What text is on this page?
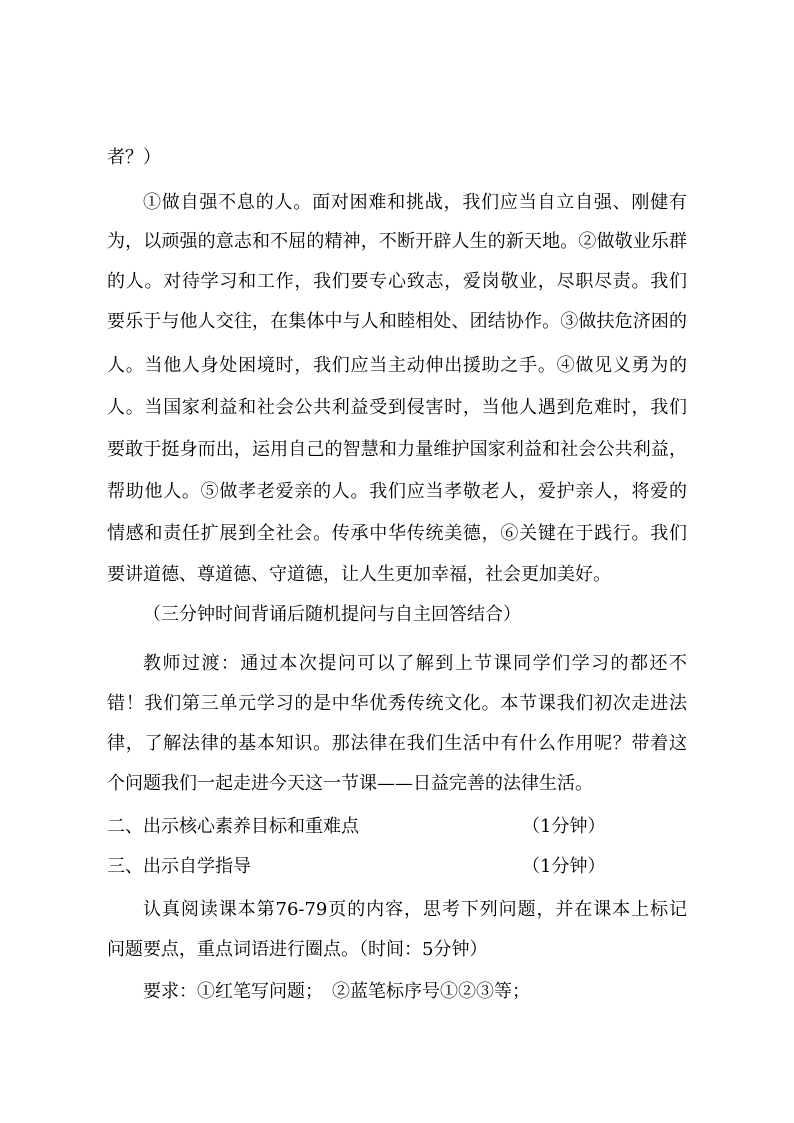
者？）
①做自强不息的人。面对困难和挑战，我们应当自立自强、刚健有
为，以顽强的意志和不屈的精神，不断开辟人生的新天地。②做敬业乐群
的人。对待学习和工作，我们要专心致志，爱岗敬业，尽职尽责。我们
要乐于与他人交往，在集体中与人和睦相处、团结协作。③做扶危济困的
人。当他人身处困境时，我们应当主动伸出援助之手。④做见义勇为的
人。当国家利益和社会公共利益受到侵害时，当他人遇到危难时，我们
要敢于挺身而出，运用自己的智慧和力量维护国家利益和社会公共利益，
帮助他人。⑤做孝老爱亲的人。我们应当孝敬老人，爱护亲人，将爱的
情感和责任扩展到全社会。传承中华传统美德，⑥关键在于践行。我们
要讲道德、尊道德、守道德，让人生更加幸福，社会更加美好。
（三分钟时间背诵后随机提问与自主回答结合）
教师过渡：通过本次提问可以了解到上节课同学们学习的都还不
错！我们第三单元学习的是中华优秀传统文化。本节课我们初次走进法
律，了解法律的基本知识。那法律在我们生活中有什么作用呢？带着这
个问题我们一起走进今天这一节课——日益完善的法律生活。
二、出示核心素养目标和重难点	（1分钟）
三、出示自学指导	（1分钟）
认真阅读课本第76-79页的内容，思考下列问题，并在课本上标记
问题要点，重点词语进行圈点。（时间：5分钟）
要求：①红笔写问题；　②蓝笔标序号①②③等；
